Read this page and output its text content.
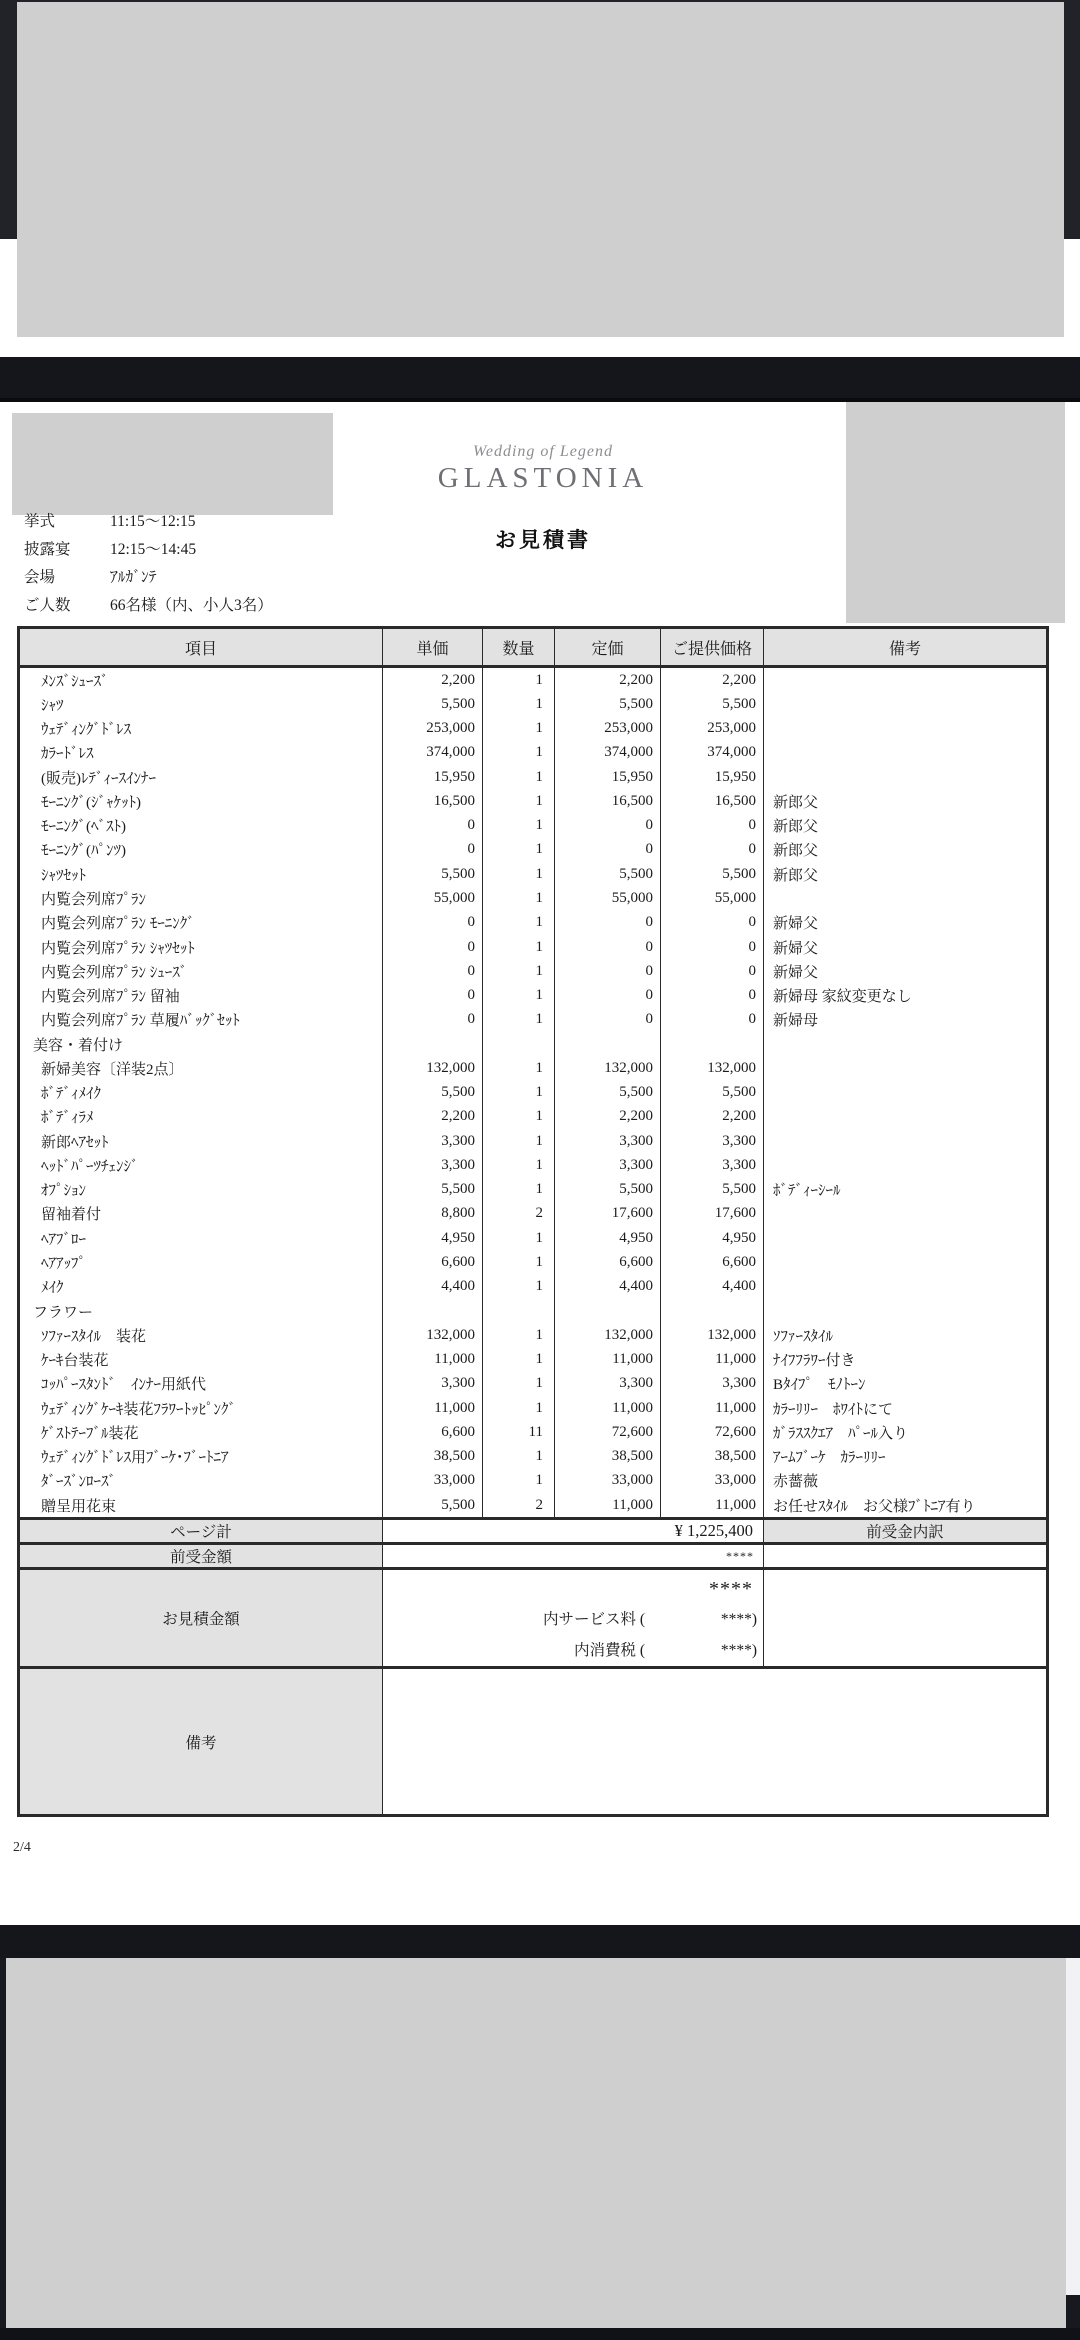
Wedding of Legend
GLASTONIA
お見積書
挙式	11:15～12:15
披露宴	12:15～14:45
会場	ｱﾙｶﾞﾝﾃ
ご人数	66名様（内、小人3名）
項目	単価	数量	定価	ご提供価格	備考
ﾒﾝｽﾞｼｭｰｽﾞ	2,200	1	2,200	2,200	
ｼｬﾂ	5,500	1	5,500	5,500	
ｳｪﾃﾞｨﾝｸﾞﾄﾞﾚｽ	253,000	1	253,000	253,000	
ｶﾗｰﾄﾞﾚｽ	374,000	1	374,000	374,000	
(販売)ﾚﾃﾞｨｰｽｲﾝﾅｰ	15,950	1	15,950	15,950	
ﾓｰﾆﾝｸﾞ(ｼﾞｬｹｯﾄ)	16,500	1	16,500	16,500	新郎父
ﾓｰﾆﾝｸﾞ(ﾍﾞｽﾄ)	0	1	0	0	新郎父
ﾓｰﾆﾝｸﾞ(ﾊﾟﾝﾂ)	0	1	0	0	新郎父
ｼｬﾂｾｯﾄ	5,500	1	5,500	5,500	新郎父
内覧会列席ﾌﾟﾗﾝ	55,000	1	55,000	55,000	
内覧会列席ﾌﾟﾗﾝ ﾓｰﾆﾝｸﾞ	0	1	0	0	新婦父
内覧会列席ﾌﾟﾗﾝ ｼｬﾂｾｯﾄ	0	1	0	0	新婦父
内覧会列席ﾌﾟﾗﾝ ｼｭｰｽﾞ	0	1	0	0	新婦父
内覧会列席ﾌﾟﾗﾝ 留袖	0	1	0	0	新婦母 家紋変更なし
内覧会列席ﾌﾟﾗﾝ 草履ﾊﾞｯｸﾞｾｯﾄ	0	1	0	0	新婦母
美容・着付け					
新婦美容〔洋装2点〕	132,000	1	132,000	132,000	
ﾎﾞﾃﾞｨﾒｲｸ	5,500	1	5,500	5,500	
ﾎﾞﾃﾞｨﾗﾒ	2,200	1	2,200	2,200	
新郎ﾍｱｾｯﾄ	3,300	1	3,300	3,300	
ﾍｯﾄﾞﾊﾟｰﾂﾁｪﾝｼﾞ	3,300	1	3,300	3,300	
ｵﾌﾟｼｮﾝ	5,500	1	5,500	5,500	ﾎﾞﾃﾞｨｰｼｰﾙ
留袖着付	8,800	2	17,600	17,600	
ﾍｱﾌﾞﾛｰ	4,950	1	4,950	4,950	
ﾍｱｱｯﾌﾟ	6,600	1	6,600	6,600	
ﾒｲｸ	4,400	1	4,400	4,400	
フラワー					
ｿﾌｧｰｽﾀｲﾙ　装花	132,000	1	132,000	132,000	ｿﾌｧｰｽﾀｲﾙ
ｹｰｷ台装花	11,000	1	11,000	11,000	ﾅｲﾌﾌﾗﾜｰ付き
ｺｯﾊﾟｰｽﾀﾝﾄﾞ　ｲﾝﾅｰ用紙代	3,300	1	3,300	3,300	Bﾀｲﾌﾟ　ﾓﾉﾄｰﾝ
ｳｪﾃﾞｨﾝｸﾞｹｰｷ装花ﾌﾗﾜｰﾄｯﾋﾟﾝｸﾞ	11,000	1	11,000	11,000	ｶﾗｰﾘﾘｰ　ﾎﾜｲﾄにて
ｹﾞｽﾄﾃｰﾌﾞﾙ装花	6,600	11	72,600	72,600	ｶﾞﾗｽｽｸｴｱ　ﾊﾟｰﾙ入り
ｳｪﾃﾞｨﾝｸﾞﾄﾞﾚｽ用ﾌﾞｰｹ･ﾌﾞｰﾄﾆｱ	38,500	1	38,500	38,500	ｱｰﾑﾌﾞｰｹ　ｶﾗｰﾘﾘｰ
ﾀﾞｰｽﾞﾝﾛｰｽﾞ	33,000	1	33,000	33,000	赤薔薇
贈呈用花束	5,500	2	11,000	11,000	お任せｽﾀｲﾙ　お父様ﾌﾞﾄﾆｱ有り
ページ計	¥ 1,225,400				前受金内訳
前受金額	****				
お見積金額	****
内サービス料 ( ****)
内消費税 ( ****)				

備考					
2/4
